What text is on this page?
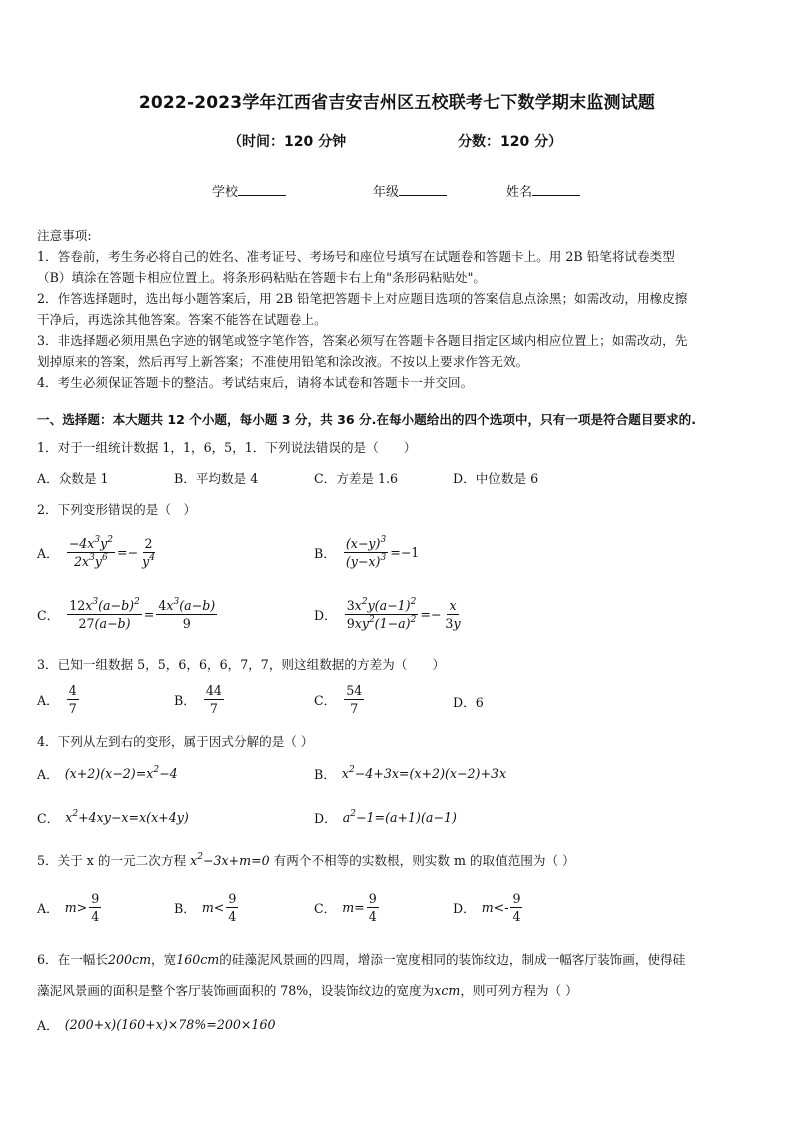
2022-2023学年江西省吉安吉州区五校联考七下数学期末监测试题
（时间：120 分钟	分数：120 分）
学校	年级	姓名
注意事项:
1．答卷前，考生务必将自己的姓名、准考证号、考场号和座位号填写在试题卷和答题卡上。用 2B 铅笔将试卷类型
（B）填涂在答题卡相应位置上。将条形码粘贴在答题卡右上角"条形码粘贴处"。
2．作答选择题时，选出每小题答案后，用 2B 铅笔把答题卡上对应题目选项的答案信息点涂黑；如需改动，用橡皮擦
干净后，再选涂其他答案。答案不能答在试题卷上。
3．非选择题必须用黑色字迹的钢笔或签字笔作答，答案必须写在答题卡各题目指定区域内相应位置上；如需改动，先
划掉原来的答案，然后再写上新答案；不准使用铅笔和涂改液。不按以上要求作答无效。
4．考生必须保证答题卡的整洁。考试结束后，请将本试卷和答题卡一并交回。
一、选择题：本大题共 12 个小题，每小题 3 分，共 36 分.在每小题给出的四个选项中，只有一项是符合题目要求的.
1．对于一组统计数据 1，1，6，5，1．下列说法错误的是（　　）
A．众数是 1	B．平均数是 4	C．方差是 1.6	D．中位数是 6
2．下列变形错误的是（　）
A． $\frac{-4x^3y^2}{2x^3y^6} =- \frac{2}{y^4}$	B． $\frac{(x-y)^3}{(y-x)^3} =-1$
C． $\frac{12x^3(a-b)^2}{27(a-b)} = \frac{4x^3(a-b)}{9}$	D． $\frac{3x^2y(a-1)^2}{9xy^2(1-a)^2} =- \frac{x}{3y}$
3．已知一组数据 5，5，6，6，6，7，7，则这组数据的方差为（　　）
A． $\frac{4}{7}$	B． $\frac{44}{7}$	C． $\frac{54}{7}$	D．6
4．下列从左到右的变形，属于因式分解的是（ ）
A． $(x+2)(x-2)=x^2-4$	B． $x^2-4+3x=(x+2)(x-2)+3x$
C． $x^2+4xy-x=x(x+4y)$	D． $a^2-1=(a+1)(a-1)$
5．关于 x 的一元二次方程 $x^2-3x+m=0$ 有两个不相等的实数根，则实数 m 的取值范围为（ ）
A． $m> \frac{9}{4}$	B． $m< \frac{9}{4}$	C． $m= \frac{9}{4}$	D． $m<- \frac{9}{4}$
6．在一幅长200cm，宽160cm的硅藻泥风景画的四周，增添一宽度相同的装饰纹边，制成一幅客厅装饰画，使得硅
藻泥风景画的面积是整个客厅装饰画面积的 78%，设装饰纹边的宽度为xcm，则可列方程为（ ）
A． (200+x)(160+x)×78%=200×160
